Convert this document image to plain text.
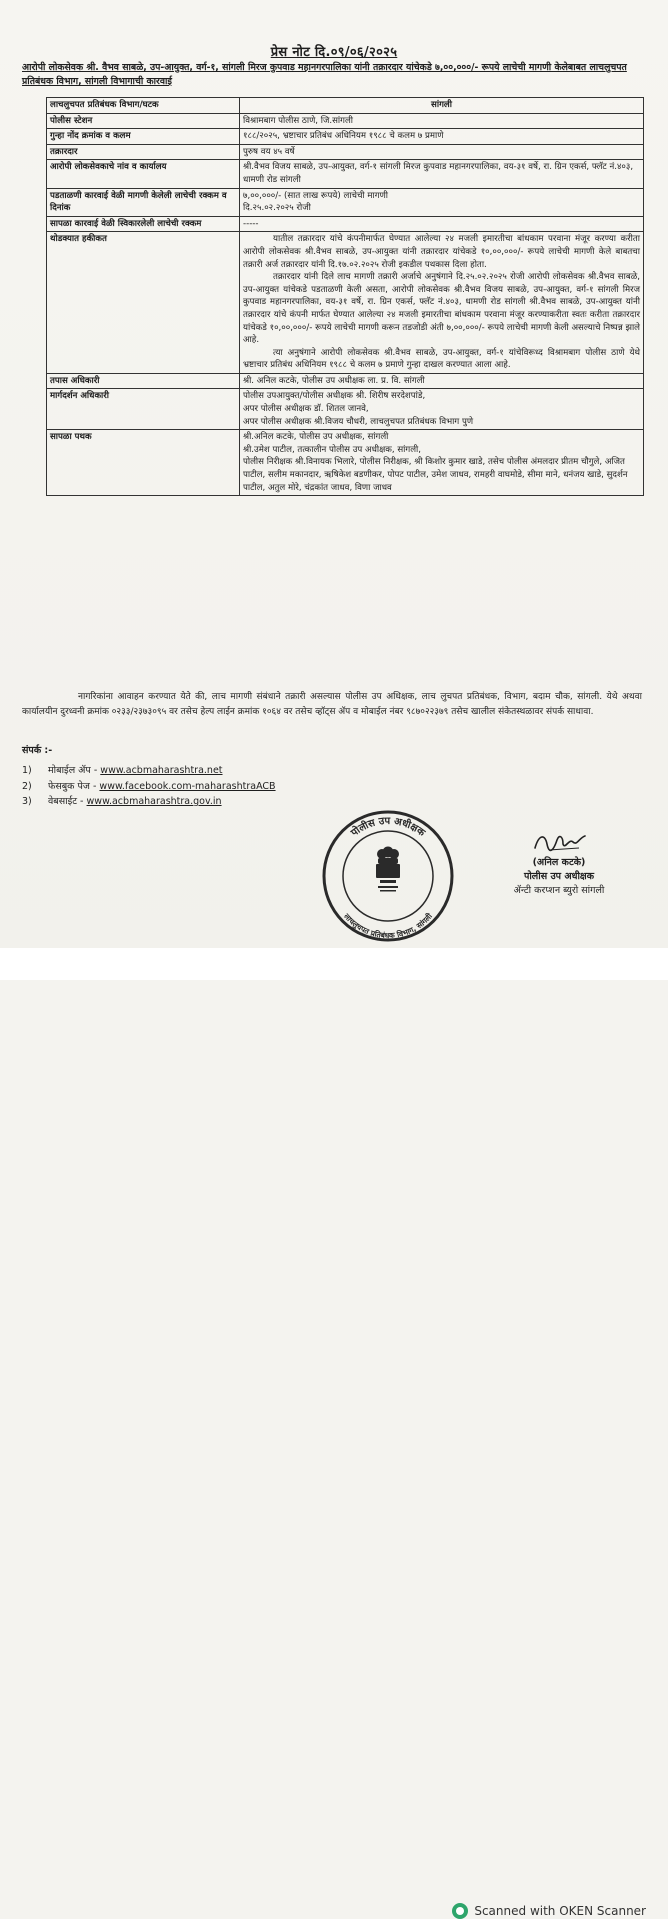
प्रेस नोट दि.०९/०६/२०२५
आरोपी लोकसेवक श्री. वैभव साबळे, उप-आयुक्त, वर्ग-१, सांगली मिरज कुपवाड महानगरपालिका यांनी तक्रारदार यांचेकडे ७,००,०००/- रूपये लाचेची मागणी केलेबाबत लाचलुचपत प्रतिबंधक विभाग, सांगली विभागाची कारवाई
लाचलुचपत प्रतिबंधक विभाग/घटक	सांगली
पोलीस स्टेशन	विश्रामबाग पोलीस ठाणे, जि.सांगली
गुन्हा नोंद क्रमांक व कलम	१८८/२०२५, भ्रष्टाचार प्रतिबंध अधिनियम १९८८ चे कलम ७ प्रमाणे
तक्रारदार	पुरुष वय ४५ वर्षे
आरोपी लोकसेवकाचे नांव व कार्यालय	श्री.वैभव विजय साबळे, उप-आयुक्त, वर्ग-१ सांगली मिरज कुपवाड महानगरपालिका, वय-३१ वर्षे, रा. ग्रिन एकर्स, फ्लॅट नं.४०३, धामणी रोड सांगली
पडताळणी कारवाई वेळी मागणी केलेली लाचेची रक्कम व दिनांक	७,००,०००/- (सात लाख रूपये) लाचेची मागणी
दि.२५.०२.२०२५ रोजी

सापळा कारवाई वेळी स्विकारलेली लाचेची रक्कम	-----
थोडक्यात हकीकत	यातील तक्रारदार यांचे कंपनीमार्फत घेण्यात आलेल्या २४ मजली इमारतीचा बांधकाम परवाना मंजूर करण्या करीता आरोपी लोकसेवक श्री.वैभव साबळे, उप-आयुक्त यांनी तक्रारदार यांचेकडे १०,००,०००/- रूपये लाचेची मागणी केले बाबतचा तक्रारी अर्ज तक्रारदार यांनी दि.१७.०२.२०२५ रोजी इकडील पथकास दिला होता.

तक्रारदार यांनी दिले लाच मागणी तक्रारी अर्जाचे अनुषंगाने दि.२५.०२.२०२५ रोजी आरोपी लोकसेवक श्री.वैभव साबळे, उप-आयुक्त यांचेकडे पडताळणी केली असता, आरोपी लोकसेवक श्री.वैभव विजय साबळे, उप-आयुक्त, वर्ग-१ सांगली मिरज कुपवाड महानगरपालिका, वय-३१ वर्षे, रा. ग्रिन एकर्स, फ्लॅट नं.४०३, धामणी रोड सांगली श्री.वैभव साबळे, उप-आयुक्त यांनी तक्रारदार यांचे कंपनी मार्फत घेण्यात आलेल्या २४ मजली इमारतीचा बांधकाम परवाना मंजूर करण्याकरीता स्वतः करीता तक्रारदार यांचेकडे १०,००,०००/- रूपये लाचेची मागणी करून तडजोडी अंती ७,००,०००/- रूपये लाचेची मागणी केली असल्याचे निष्पन्न झाले आहे.

त्या अनुषंगाने आरोपी लोकसेवक श्री.वैभव साबळे, उप-आयुक्त, वर्ग-१ यांचेविरूध्द विश्रामबाग पोलीस ठाणे येथे भ्रष्टाचार प्रतिबंध अधिनियम १९८८ चे कलम ७ प्रमाणे गुन्हा दाखल करण्यात आला आहे.

तपास अधिकारी	श्री. अनिल कटके, पोलीस उप अधीक्षक ला. प्र. वि. सांगली
मार्गदर्शन अधिकारी	पोलीस उपआयुक्त/पोलीस अधीक्षक श्री. शिरीष सरदेशपांडे,
अपर पोलीस अधीक्षक डॉ. शितल जानवे,
अपर पोलीस अधीक्षक श्री.विजय चौधरी, लाचलुचपत प्रतिबंधक विभाग पुणे

सापळा पथक	श्री.अनिल कटके, पोलीस उप अधीक्षक, सांगली
श्री.उमेश पाटील, तत्कालीन पोलीस उप अधीक्षक, सांगली,
पोलीस निरीक्षक श्री.विनायक भिलारे, पोलीस निरीक्षक, श्री किशोर कुमार खाडे, तसेच पोलीस अंमलदार प्रीतम चौगुले, अजित पाटील, सलीम मकानदार, ऋषिकेश बडणीकर, पोपट पाटील, उमेश जाधव, रामहरी वाघमोडे, सीमा माने, धनंजय खाडे, सुदर्शन पाटील, अतुल मोरे, चंद्रकांत जाधव, विणा जाधव

नागरिकांना आवाहन करण्यात येते की, लाच मागणी संबंधाने तक्रारी असल्यास पोलीस उप अधिक्षक, लाच लुचपत प्रतिबंधक, विभाग, बदाम चौक, सांगली. येथे अथवा कार्यालयीन दुरध्वनी क्रमांक ०२३३/२३७३०९५ वर तसेच हेल्प लाईन क्रमांक १०६४ वर तसेच व्हॉट्स ॲप व मोबाईल नंबर ९८७०२२३७९ तसेच खालील संकेतस्थळावर संपर्क साधावा.

संपर्क :-
1)	मोबाईल ॲप -
www.acbmaharashtra.net
2)	फेसबुक पेज -
www.facebook.com-maharashtraACB
3)	वेबसाईट -
www.acbmaharashtra.gov.in
पोलीस उप अधीक्षक
लाचलुचपत प्रतिबंधक विभाग, सांगली
(अनिल कटके)
पोलीस उप अधीक्षक
ॲन्टी करप्शन ब्युरो सांगली
Scanned with OKEN Scanner
